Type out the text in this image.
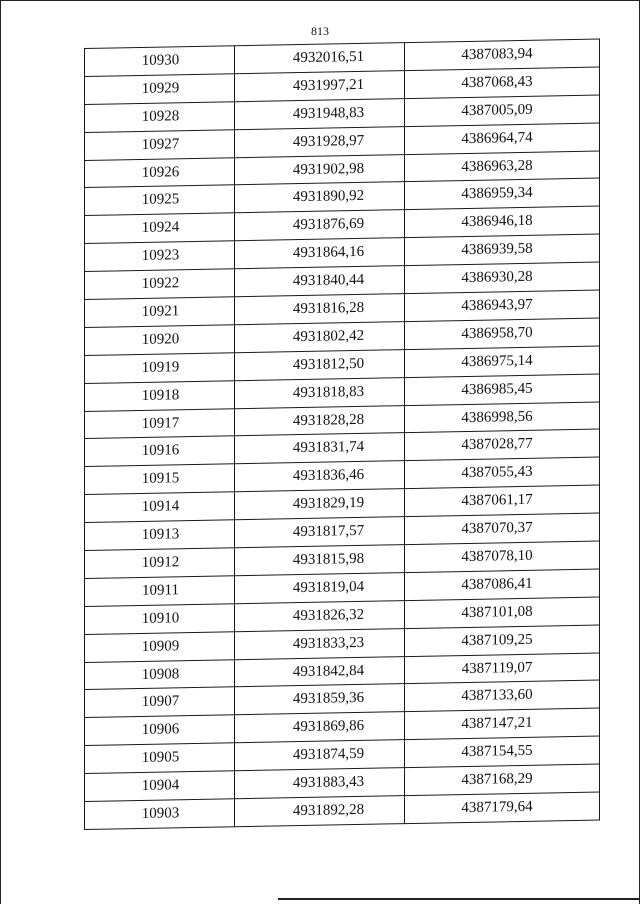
813
10930	4932016,51	4387083,94
10929	4931997,21	4387068,43
10928	4931948,83	4387005,09
10927	4931928,97	4386964,74
10926	4931902,98	4386963,28
10925	4931890,92	4386959,34
10924	4931876,69	4386946,18
10923	4931864,16	4386939,58
10922	4931840,44	4386930,28
10921	4931816,28	4386943,97
10920	4931802,42	4386958,70
10919	4931812,50	4386975,14
10918	4931818,83	4386985,45
10917	4931828,28	4386998,56
10916	4931831,74	4387028,77
10915	4931836,46	4387055,43
10914	4931829,19	4387061,17
10913	4931817,57	4387070,37
10912	4931815,98	4387078,10
10911	4931819,04	4387086,41
10910	4931826,32	4387101,08
10909	4931833,23	4387109,25
10908	4931842,84	4387119,07
10907	4931859,36	4387133,60
10906	4931869,86	4387147,21
10905	4931874,59	4387154,55
10904	4931883,43	4387168,29
10903	4931892,28	4387179,64
